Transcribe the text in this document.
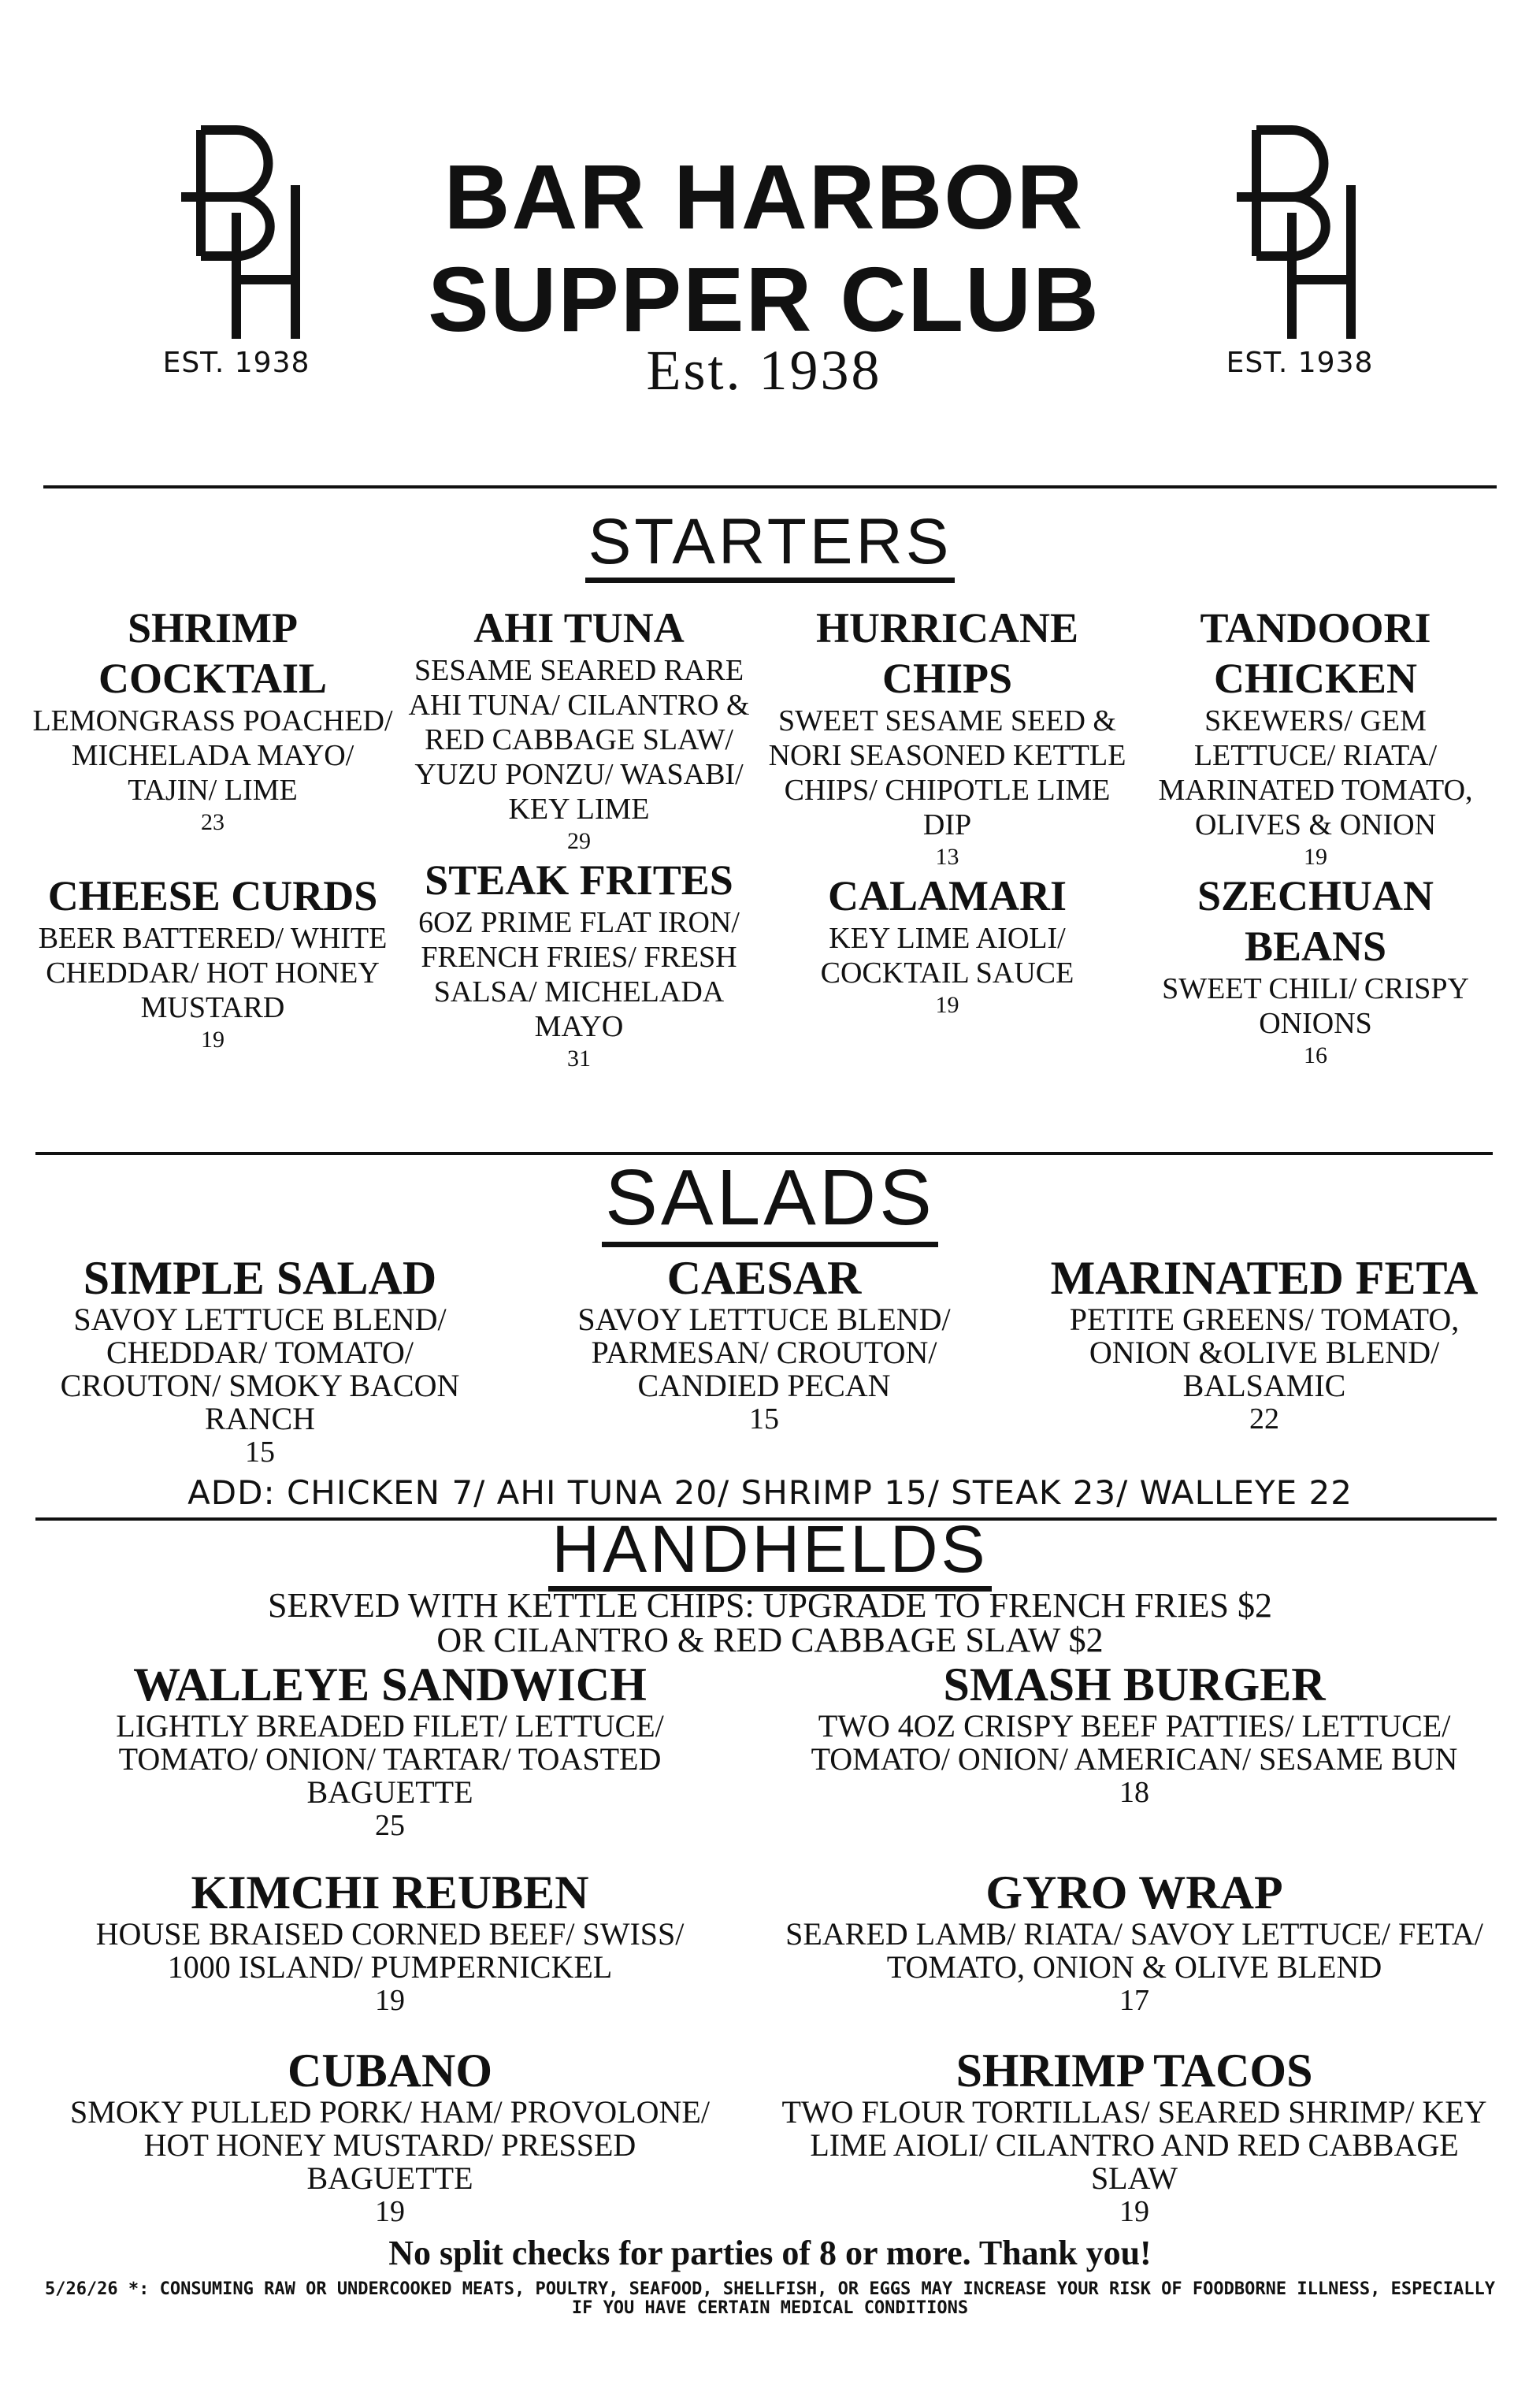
EST. 1938	EST. 1938
BAR HARBOR
SUPPER CLUB
Est. 1938
STARTERS
SHRIMP COCKTAIL
LEMONGRASS POACHED/ MICHELADA MAYO/ TAJIN/ LIME
23
AHI TUNA
SESAME SEARED RARE AHI TUNA/ CILANTRO & RED CABBAGE SLAW/ YUZU PONZU/ WASABI/ KEY LIME
29
HURRICANE CHIPS
SWEET SESAME SEED & NORI SEASONED KETTLE CHIPS/ CHIPOTLE LIME DIP
13
TANDOORI CHICKEN
SKEWERS/ GEM LETTUCE/ RIATA/ MARINATED TOMATO, OLIVES & ONION
19
CHEESE CURDS
BEER BATTERED/ WHITE CHEDDAR/ HOT HONEY MUSTARD
19
STEAK FRITES
6OZ PRIME FLAT IRON/ FRENCH FRIES/ FRESH SALSA/ MICHELADA MAYO
31
CALAMARI
KEY LIME AIOLI/ COCKTAIL SAUCE
19
SZECHUAN BEANS
SWEET CHILI/ CRISPY ONIONS
16
SALADS
SIMPLE SALAD
SAVOY LETTUCE BLEND/ CHEDDAR/ TOMATO/ CROUTON/ SMOKY BACON RANCH
15
CAESAR
SAVOY LETTUCE BLEND/ PARMESAN/ CROUTON/ CANDIED PECAN
15
MARINATED FETA
PETITE GREENS/ TOMATO, ONION &OLIVE BLEND/ BALSAMIC
22
ADD: CHICKEN 7/ AHI TUNA 20/ SHRIMP 15/ STEAK 23/ WALLEYE 22
HANDHELDS
SERVED WITH KETTLE CHIPS: UPGRADE TO FRENCH FRIES $2
OR CILANTRO & RED CABBAGE SLAW $2
WALLEYE SANDWICH
LIGHTLY BREADED FILET/ LETTUCE/ TOMATO/ ONION/ TARTAR/ TOASTED BAGUETTE
25
SMASH BURGER
TWO 4OZ CRISPY BEEF PATTIES/ LETTUCE/ TOMATO/ ONION/ AMERICAN/ SESAME BUN
18
KIMCHI REUBEN
HOUSE BRAISED CORNED BEEF/ SWISS/ 1000 ISLAND/ PUMPERNICKEL
19
GYRO WRAP
SEARED LAMB/ RIATA/ SAVOY LETTUCE/ FETA/ TOMATO, ONION & OLIVE BLEND
17
CUBANO
SMOKY PULLED PORK/ HAM/ PROVOLONE/ HOT HONEY MUSTARD/ PRESSED BAGUETTE
19
SHRIMP TACOS
TWO FLOUR TORTILLAS/ SEARED SHRIMP/ KEY LIME AIOLI/ CILANTRO AND RED CABBAGE SLAW
19
No split checks for parties of 8 or more. Thank you!
5/26/26 *: CONSUMING RAW OR UNDERCOOKED MEATS, POULTRY, SEAFOOD, SHELLFISH, OR EGGS MAY INCREASE YOUR RISK OF FOODBORNE ILLNESS, ESPECIALLY IF YOU HAVE CERTAIN MEDICAL CONDITIONS
